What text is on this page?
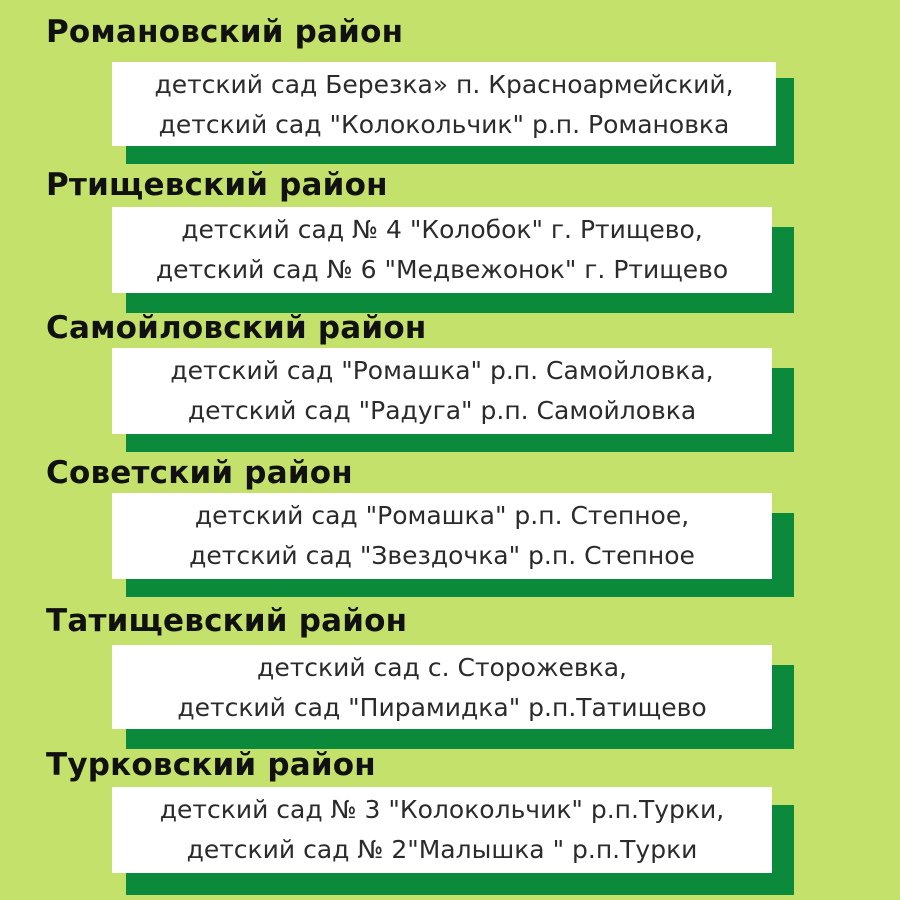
Романовский район
детский сад Березка» п. Красноармейский,
детский сад "Колокольчик" р.п. Романовка
Ртищевский район
детский сад № 4 "Колобок" г. Ртищево,
детский сад № 6 "Медвежонок" г. Ртищево
Самойловский район
детский сад "Ромашка" р.п. Самойловка,
детский сад "Радуга" р.п. Самойловка
Советский район
детский сад "Ромашка" р.п. Степное,
детский сад "Звездочка" р.п. Степное
Татищевский район
детский сад с. Сторожевка,
детский сад "Пирамидка" р.п.Татищево
Турковский район
детский сад № 3 "Колокольчик" р.п.Турки,
детский сад № 2"Малышка " р.п.Турки
